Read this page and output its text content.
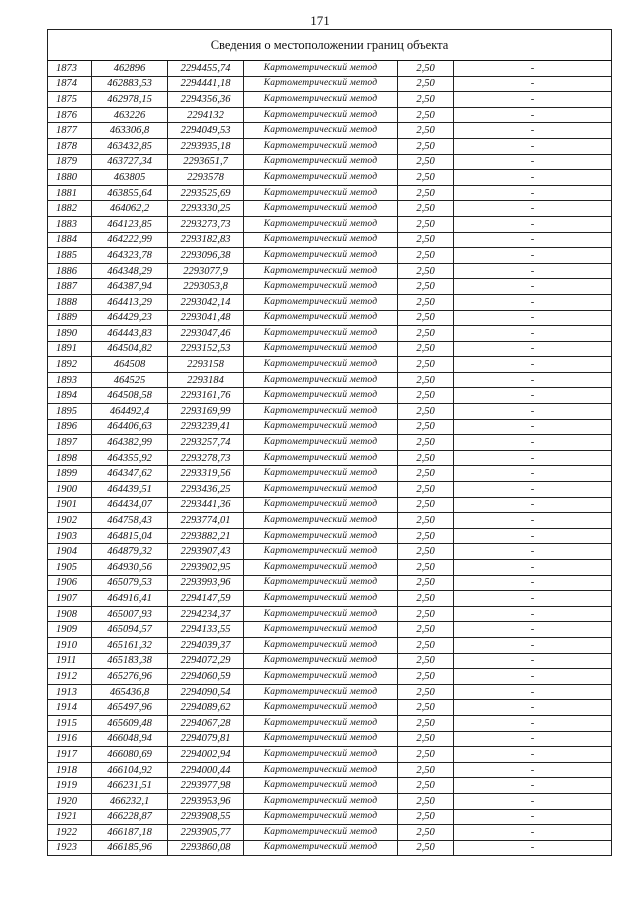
171
Сведения о местоположении границ объекта					
1873	462896	2294455,74	Картометрический метод	2,50	-
1874	462883,53	2294441,18	Картометрический метод	2,50	-
1875	462978,15	2294356,36	Картометрический метод	2,50	-
1876	463226	2294132	Картометрический метод	2,50	-
1877	463306,8	2294049,53	Картометрический метод	2,50	-
1878	463432,85	2293935,18	Картометрический метод	2,50	-
1879	463727,34	2293651,7	Картометрический метод	2,50	-
1880	463805	2293578	Картометрический метод	2,50	-
1881	463855,64	2293525,69	Картометрический метод	2,50	-
1882	464062,2	2293330,25	Картометрический метод	2,50	-
1883	464123,85	2293273,73	Картометрический метод	2,50	-
1884	464222,99	2293182,83	Картометрический метод	2,50	-
1885	464323,78	2293096,38	Картометрический метод	2,50	-
1886	464348,29	2293077,9	Картометрический метод	2,50	-
1887	464387,94	2293053,8	Картометрический метод	2,50	-
1888	464413,29	2293042,14	Картометрический метод	2,50	-
1889	464429,23	2293041,48	Картометрический метод	2,50	-
1890	464443,83	2293047,46	Картометрический метод	2,50	-
1891	464504,82	2293152,53	Картометрический метод	2,50	-
1892	464508	2293158	Картометрический метод	2,50	-
1893	464525	2293184	Картометрический метод	2,50	-
1894	464508,58	2293161,76	Картометрический метод	2,50	-
1895	464492,4	2293169,99	Картометрический метод	2,50	-
1896	464406,63	2293239,41	Картометрический метод	2,50	-
1897	464382,99	2293257,74	Картометрический метод	2,50	-
1898	464355,92	2293278,73	Картометрический метод	2,50	-
1899	464347,62	2293319,56	Картометрический метод	2,50	-
1900	464439,51	2293436,25	Картометрический метод	2,50	-
1901	464434,07	2293441,36	Картометрический метод	2,50	-
1902	464758,43	2293774,01	Картометрический метод	2,50	-
1903	464815,04	2293882,21	Картометрический метод	2,50	-
1904	464879,32	2293907,43	Картометрический метод	2,50	-
1905	464930,56	2293902,95	Картометрический метод	2,50	-
1906	465079,53	2293993,96	Картометрический метод	2,50	-
1907	464916,41	2294147,59	Картометрический метод	2,50	-
1908	465007,93	2294234,37	Картометрический метод	2,50	-
1909	465094,57	2294133,55	Картометрический метод	2,50	-
1910	465161,32	2294039,37	Картометрический метод	2,50	-
1911	465183,38	2294072,29	Картометрический метод	2,50	-
1912	465276,96	2294060,59	Картометрический метод	2,50	-
1913	465436,8	2294090,54	Картометрический метод	2,50	-
1914	465497,96	2294089,62	Картометрический метод	2,50	-
1915	465609,48	2294067,28	Картометрический метод	2,50	-
1916	466048,94	2294079,81	Картометрический метод	2,50	-
1917	466080,69	2294002,94	Картометрический метод	2,50	-
1918	466104,92	2294000,44	Картометрический метод	2,50	-
1919	466231,51	2293977,98	Картометрический метод	2,50	-
1920	466232,1	2293953,96	Картометрический метод	2,50	-
1921	466228,87	2293908,55	Картометрический метод	2,50	-
1922	466187,18	2293905,77	Картометрический метод	2,50	-
1923	466185,96	2293860,08	Картометрический метод	2,50	-
